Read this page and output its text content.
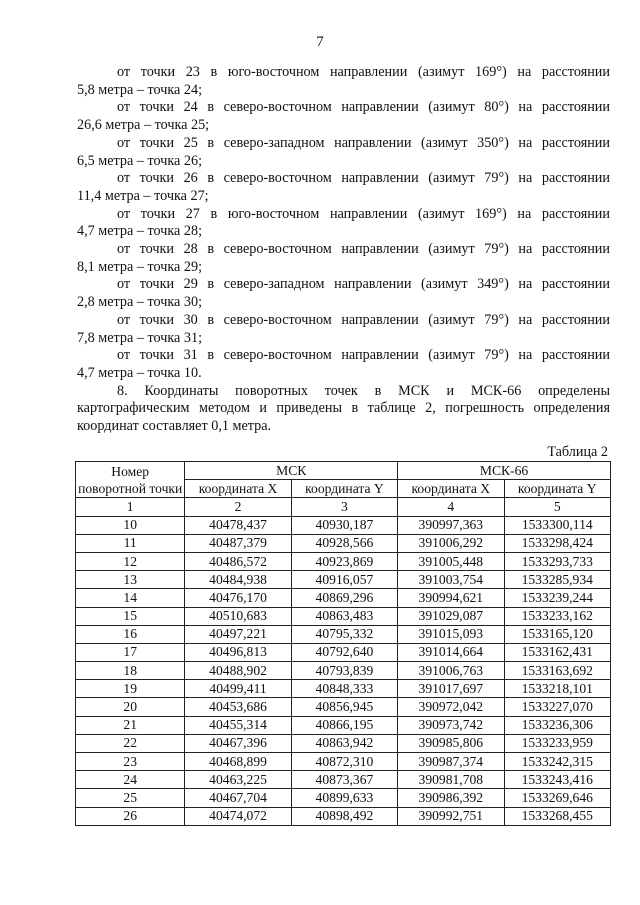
7

от точки 23 в юго-восточном направлении (азимут 169°) на расстоянии
5,8 метра – точка 24;

от точки 24 в северо-восточном направлении (азимут 80°) на расстоянии
26,6 метра – точка 25;

от точки 25 в северо-западном направлении (азимут 350°) на расстоянии
6,5 метра – точка 26;

от точки 26 в северо-восточном направлении (азимут 79°) на расстоянии
11,4 метра – точка 27;

от точки 27 в юго-восточном направлении (азимут 169°) на расстоянии
4,7 метра – точка 28;

от точки 28 в северо-восточном направлении (азимут 79°) на расстоянии
8,1 метра – точка 29;

от точки 29 в северо-западном направлении (азимут 349°) на расстоянии
2,8 метра – точка 30;

от точки 30 в северо-восточном направлении (азимут 79°) на расстоянии
7,8 метра – точка 31;

от точки 31 в северо-восточном направлении (азимут 79°) на расстоянии
4,7 метра – точка 10.

8. Координаты поворотных точек в МСК и МСК-66 определены
картографическим методом и приведены в таблице 2, погрешность определения координат составляет 0,1 метра.

Таблица 2
Номер поворотной точки	МСК		МСК-66	
	координата X	координата Y	координата X	координата Y
1	2	3	4	5
10	40478,437	40930,187	390997,363	1533300,114
11	40487,379	40928,566	391006,292	1533298,424
12	40486,572	40923,869	391005,448	1533293,733
13	40484,938	40916,057	391003,754	1533285,934
14	40476,170	40869,296	390994,621	1533239,244
15	40510,683	40863,483	391029,087	1533233,162
16	40497,221	40795,332	391015,093	1533165,120
17	40496,813	40792,640	391014,664	1533162,431
18	40488,902	40793,839	391006,763	1533163,692
19	40499,411	40848,333	391017,697	1533218,101
20	40453,686	40856,945	390972,042	1533227,070
21	40455,314	40866,195	390973,742	1533236,306
22	40467,396	40863,942	390985,806	1533233,959
23	40468,899	40872,310	390987,374	1533242,315
24	40463,225	40873,367	390981,708	1533243,416
25	40467,704	40899,633	390986,392	1533269,646
26	40474,072	40898,492	390992,751	1533268,455
